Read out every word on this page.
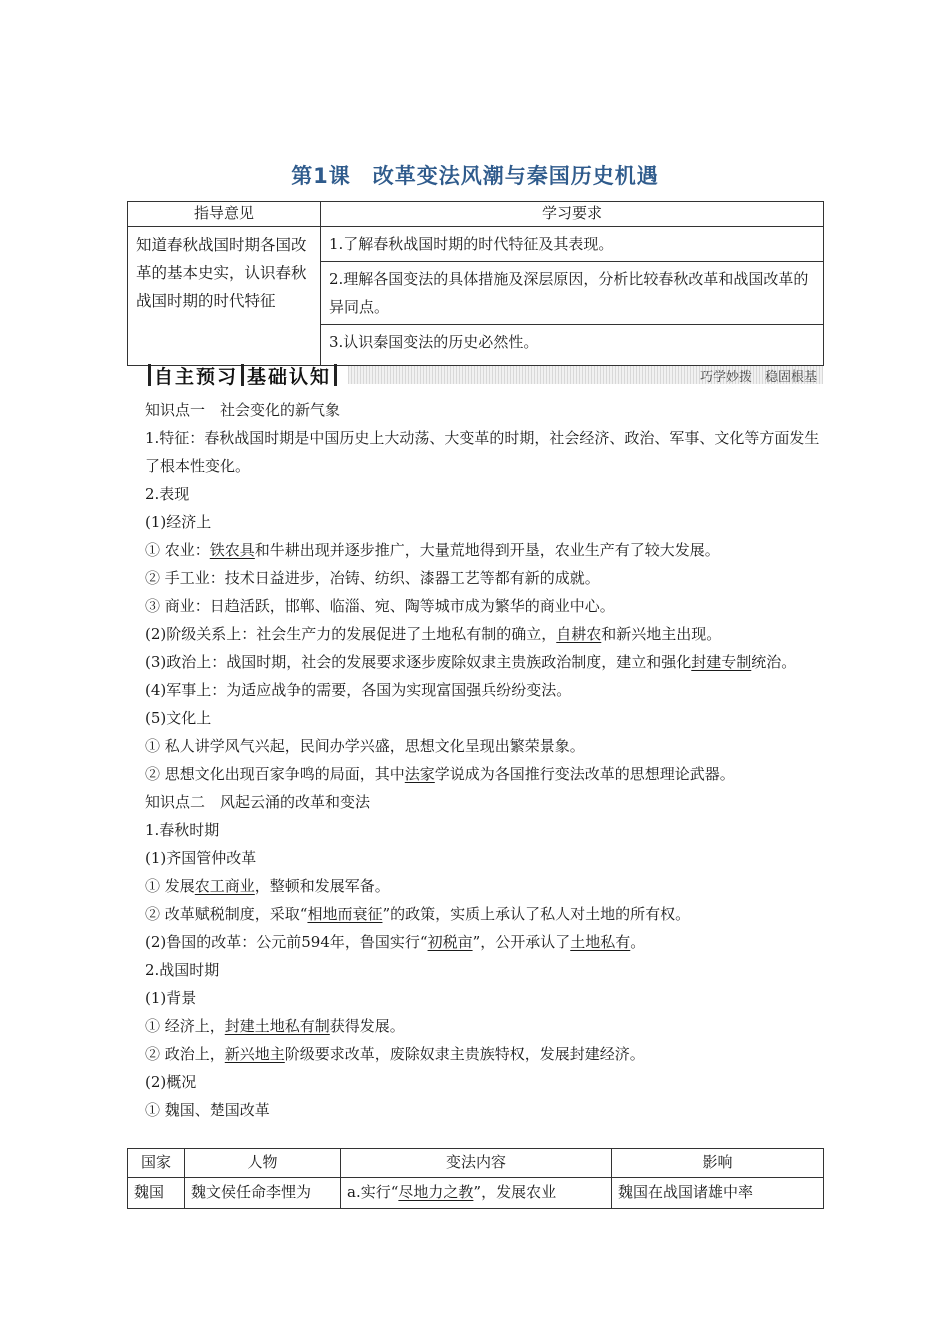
第1课　改革变法风潮与秦国历史机遇
指导意见	学习要求
知道春秋战国时期各国改革的基本史实，认识春秋战国时期的时代特征	1.了解春秋战国时期的时代特征及其表现。
	2.理解各国变法的具体措施及深层原因，分析比较春秋改革和战国改革的异同点。
	3.认识秦国变法的历史必然性。
自主预习 基础认知	巧学妙拨　稳固根基

知识点一　社会变化的新气象

1.特征：春秋战国时期是中国历史上大动荡、大变革的时期，社会经济、政治、军事、文化等方面发生了根本性变化。

2.表现

(1)经济上

① 农业：铁农具和牛耕出现并逐步推广，大量荒地得到开垦，农业生产有了较大发展。

② 手工业：技术日益进步，冶铸、纺织、漆器工艺等都有新的成就。

③ 商业：日趋活跃，邯郸、临淄、宛、陶等城市成为繁华的商业中心。

(2)阶级关系上：社会生产力的发展促进了土地私有制的确立，自耕农和新兴地主出现。

(3)政治上：战国时期，社会的发展要求逐步废除奴隶主贵族政治制度，建立和强化封建专制统治。

(4)军事上：为适应战争的需要，各国为实现富国强兵纷纷变法。

(5)文化上

① 私人讲学风气兴起，民间办学兴盛，思想文化呈现出繁荣景象。

② 思想文化出现百家争鸣的局面，其中法家学说成为各国推行变法改革的思想理论武器。

知识点二　风起云涌的改革和变法

1.春秋时期

(1)齐国管仲改革

① 发展农工商业，整顿和发展军备。

② 改革赋税制度，采取“相地而衰征”的政策，实质上承认了私人对土地的所有权。

(2)鲁国的改革：公元前594年，鲁国实行“初税亩”，公开承认了土地私有。

2.战国时期

(1)背景

① 经济上，封建土地私有制获得发展。

② 政治上，新兴地主阶级要求改革，废除奴隶主贵族特权，发展封建经济。

(2)概况

① 魏国、楚国改革

国家	人物	变法内容	影响
魏国	魏文侯任命李悝为	a.实行“尽地力之教”，发展农业	魏国在战国诸雄中率
